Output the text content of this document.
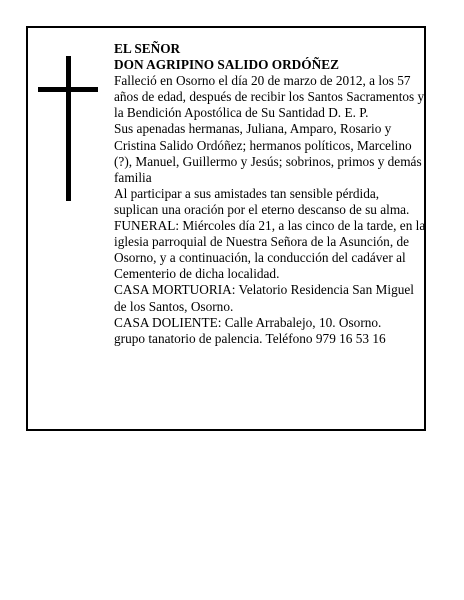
EL SEÑOR

DON AGRIPINO SALIDO ORDÓÑEZ

Falleció en Osorno el día 20 de marzo de 2012, a los 57 años de edad, después de recibir los Santos Sacramentos y la Bendición Apostólica de Su Santidad D. E. P.

Sus apenadas hermanas, Juliana, Amparo, Rosario y Cristina Salido Ordóñez; hermanos políticos, Marcelino (?), Manuel, Guillermo y Jesús; sobrinos, primos y demás familia

Al participar a sus amistades tan sensible pérdida, suplican una oración por el eterno descanso de su alma.

FUNERAL: Miércoles día 21, a las cinco de la tarde, en la iglesia parroquial de Nuestra Señora de la Asunción, de Osorno, y a continuación, la conducción del cadáver al Cementerio de dicha localidad.

CASA MORTUORIA: Velatorio Residencia San Miguel de los Santos, Osorno.

CASA DOLIENTE: Calle Arrabalejo, 10. Osorno.

grupo tanatorio de palencia. Teléfono 979 16 53 16
